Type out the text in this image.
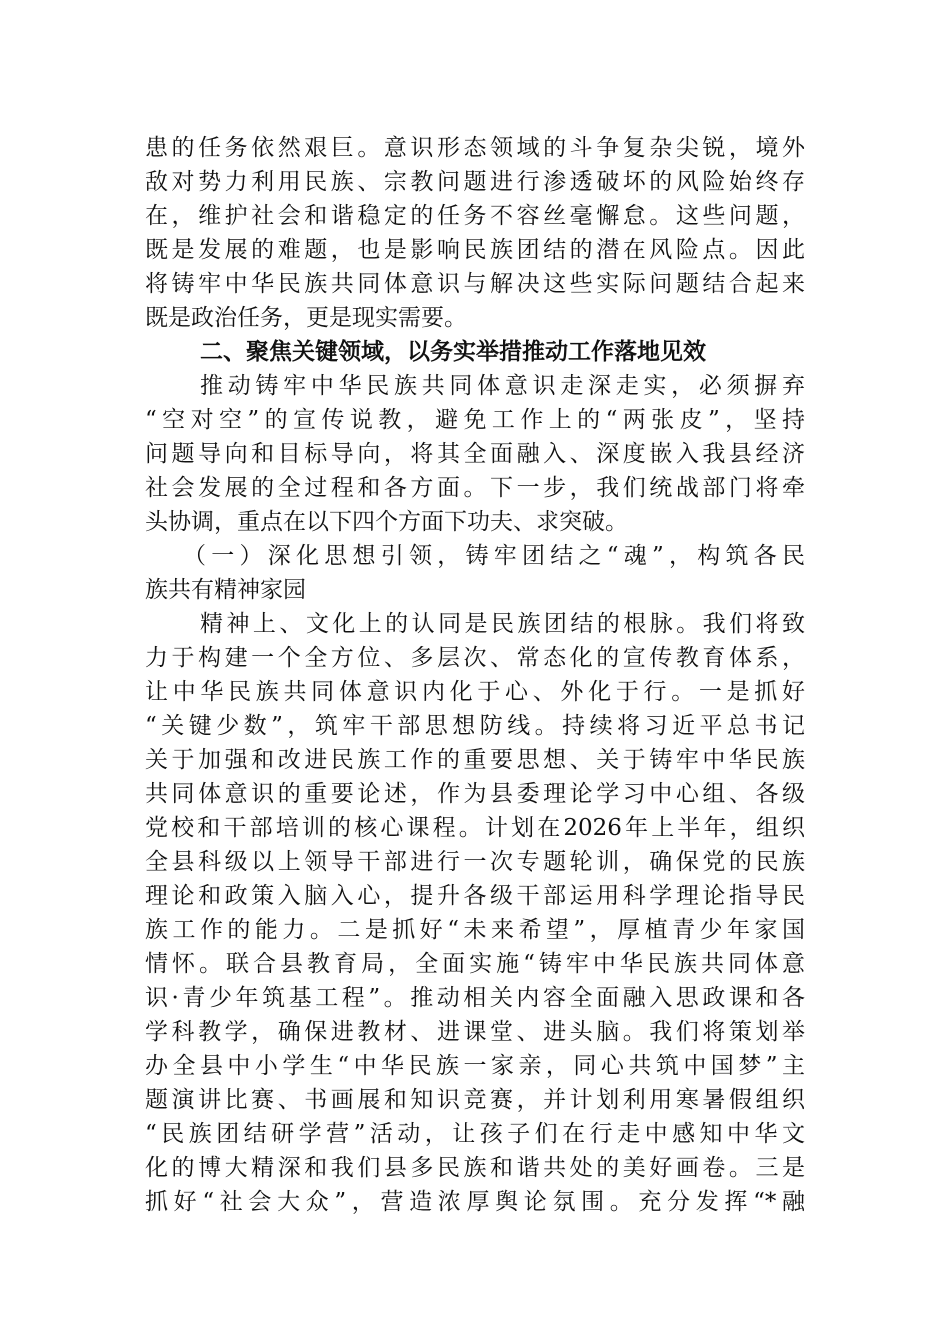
患的任务依然艰巨。意识形态领域的斗争复杂尖锐，境外
敌对势力利用民族、宗教问题进行渗透破坏的风险始终存
在，维护社会和谐稳定的任务不容丝毫懈怠。这些问题，
既是发展的难题，也是影响民族团结的潜在风险点。因此
将铸牢中华民族共同体意识与解决这些实际问题结合起来
既是政治任务，更是现实需要。
二、聚焦关键领域，以务实举措推动工作落地见效
推动铸牢中华民族共同体意识走深走实，必须摒弃
“空对空”的宣传说教，避免工作上的“两张皮”，坚持
问题导向和目标导向，将其全面融入、深度嵌入我县经济
社会发展的全过程和各方面。下一步，我们统战部门将牵
头协调，重点在以下四个方面下功夫、求突破。
（一）深化思想引领，铸牢团结之“魂”，构筑各民
族共有精神家园
精神上、文化上的认同是民族团结的根脉。我们将致
力于构建一个全方位、多层次、常态化的宣传教育体系，
让中华民族共同体意识内化于心、外化于行。一是抓好
“关键少数”，筑牢干部思想防线。持续将习近平总书记
关于加强和改进民族工作的重要思想、关于铸牢中华民族
共同体意识的重要论述，作为县委理论学习中心组、各级
党校和干部培训的核心课程。计划在2026年上半年，组织
全县科级以上领导干部进行一次专题轮训，确保党的民族
理论和政策入脑入心，提升各级干部运用科学理论指导民
族工作的能力。二是抓好“未来希望”，厚植青少年家国
情怀。联合县教育局，全面实施“铸牢中华民族共同体意
识·青少年筑基工程”。推动相关内容全面融入思政课和各
学科教学，确保进教材、进课堂、进头脑。我们将策划举
办全县中小学生“中华民族一家亲，同心共筑中国梦”主
题演讲比赛、书画展和知识竞赛，并计划利用寒暑假组织
“民族团结研学营”活动，让孩子们在行走中感知中华文
化的博大精深和我们县多民族和谐共处的美好画卷。三是
抓好“社会大众”，营造浓厚舆论氛围。充分发挥“*融
